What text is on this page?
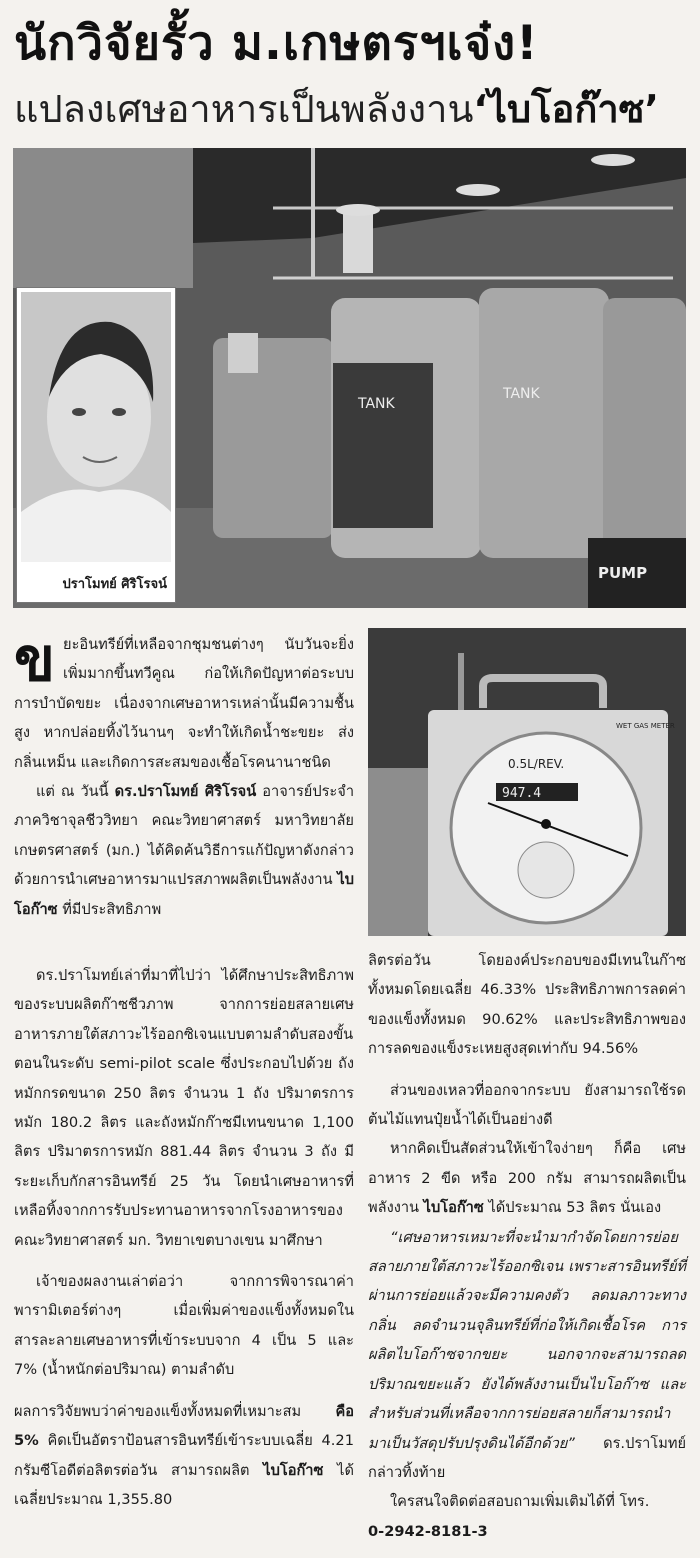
นักวิจัยรั้ว ม.เกษตรฯเจ๋ง!
แปลงเศษอาหารเป็นพลังงาน‘ไบโอก๊าซ’
TANK
TANK
PUMP
ปราโมทย์ ศิริโรจน์
0.5L/REV.
WET GAS METER
947.4

ขยะอินทรีย์ที่เหลือจากชุมชนต่างๆ นับวันจะยิ่งเพิ่มมากขึ้นทวีคูณ ก่อให้เกิดปัญหาต่อระบบการบำบัดขยะ เนื่องจากเศษอาหารเหล่านั้นมีความชื้นสูง หากปล่อยทิ้งไว้นานๆ จะทำให้เกิดน้ำชะขยะ ส่งกลิ่นเหม็น และเกิดการสะสมของเชื้อโรคนานาชนิด

แต่ ณ วันนี้ ดร.ปราโมทย์ ศิริโรจน์ อาจารย์ประจำภาควิชาจุลชีววิทยา คณะวิทยาศาสตร์ มหาวิทยาลัยเกษตรศาสตร์ (มก.) ได้คิดค้นวิธีการแก้ปัญหาดังกล่าว ด้วยการนำเศษอาหารมาแปรสภาพผลิตเป็นพลังงาน ไบโอก๊าซ ที่มีประสิทธิภาพ

ดร.ปราโมทย์เล่าที่มาที่ไปว่า ได้ศึกษาประสิทธิภาพของระบบผลิตก๊าซชีวภาพ จากการย่อยสลายเศษอาหารภายใต้สภาวะไร้ออกซิเจนแบบตามลำดับสองขั้นตอนในระดับ semi-pilot scale ซึ่งประกอบไปด้วย ถังหมักกรดขนาด 250 ลิตร จำนวน 1 ถัง ปริมาตรการหมัก 180.2 ลิตร และถังหมักก๊าซมีเทนขนาด 1,100 ลิตร ปริมาตรการหมัก 881.44 ลิตร จำนวน 3 ถัง มีระยะเก็บกักสารอินทรีย์ 25 วัน โดยนำเศษอาหารที่เหลือทิ้งจากการรับประทานอาหารจากโรงอาหารของคณะวิทยาศาสตร์ มก. วิทยาเขตบางเขน มาศึกษา

เจ้าของผลงานเล่าต่อว่า จากการพิจารณาค่าพารามิเตอร์ต่างๆ เมื่อเพิ่มค่าของแข็งทั้งหมดในสารละลายเศษอาหารที่เข้าระบบจาก 4 เป็น 5 และ 7% (น้ำหนักต่อปริมาณ) ตามลำดับ

ผลการวิจัยพบว่าค่าของแข็งทั้งหมดที่เหมาะสม คือ 5% คิดเป็นอัตราป้อนสารอินทรีย์เข้าระบบเฉลี่ย 4.21 กรัมซีโอดีต่อลิตรต่อวัน สามารถผลิต ไบโอก๊าซ ได้เฉลี่ยประมาณ 1,355.80

ลิตรต่อวัน โดยองค์ประกอบของมีเทนในก๊าซทั้งหมดโดยเฉลี่ย 46.33% ประสิทธิภาพการลดค่าของแข็งทั้งหมด 90.62% และประสิทธิภาพของการลดของแข็งระเหยสูงสุดเท่ากับ 94.56%

ส่วนของเหลวที่ออกจากระบบ ยังสามารถใช้รดต้นไม้แทนปุ๋ยน้ำได้เป็นอย่างดี

หากคิดเป็นสัดส่วนให้เข้าใจง่ายๆ ก็คือ เศษอาหาร 2 ขีด หรือ 200 กรัม สามารถผลิตเป็นพลังงาน ไบโอก๊าซ ได้ประมาณ 53 ลิตร นั่นเอง

“เศษอาหารเหมาะที่จะนำมากำจัดโดยการย่อยสลายภายใต้สภาวะไร้ออกซิเจน เพราะสารอินทรีย์ที่ผ่านการย่อยแล้วจะมีความคงตัว ลดมลภาวะทางกลิ่น ลดจำนวนจุลินทรีย์ที่ก่อให้เกิดเชื้อโรค การผลิตไบโอก๊าซจากขยะ นอกจากจะสามารถลดปริมาณขยะแล้ว ยังได้พลังงานเป็นไบโอก๊าซ และสำหรับส่วนที่เหลือจากการย่อยสลายก็สามารถนำมาเป็นวัสดุปรับปรุงดินได้อีกด้วย” ดร.ปราโมทย์ กล่าวทิ้งท้าย

ใครสนใจติดต่อสอบถามเพิ่มเติมได้ที่ โทร.
0-2942-8181-3
